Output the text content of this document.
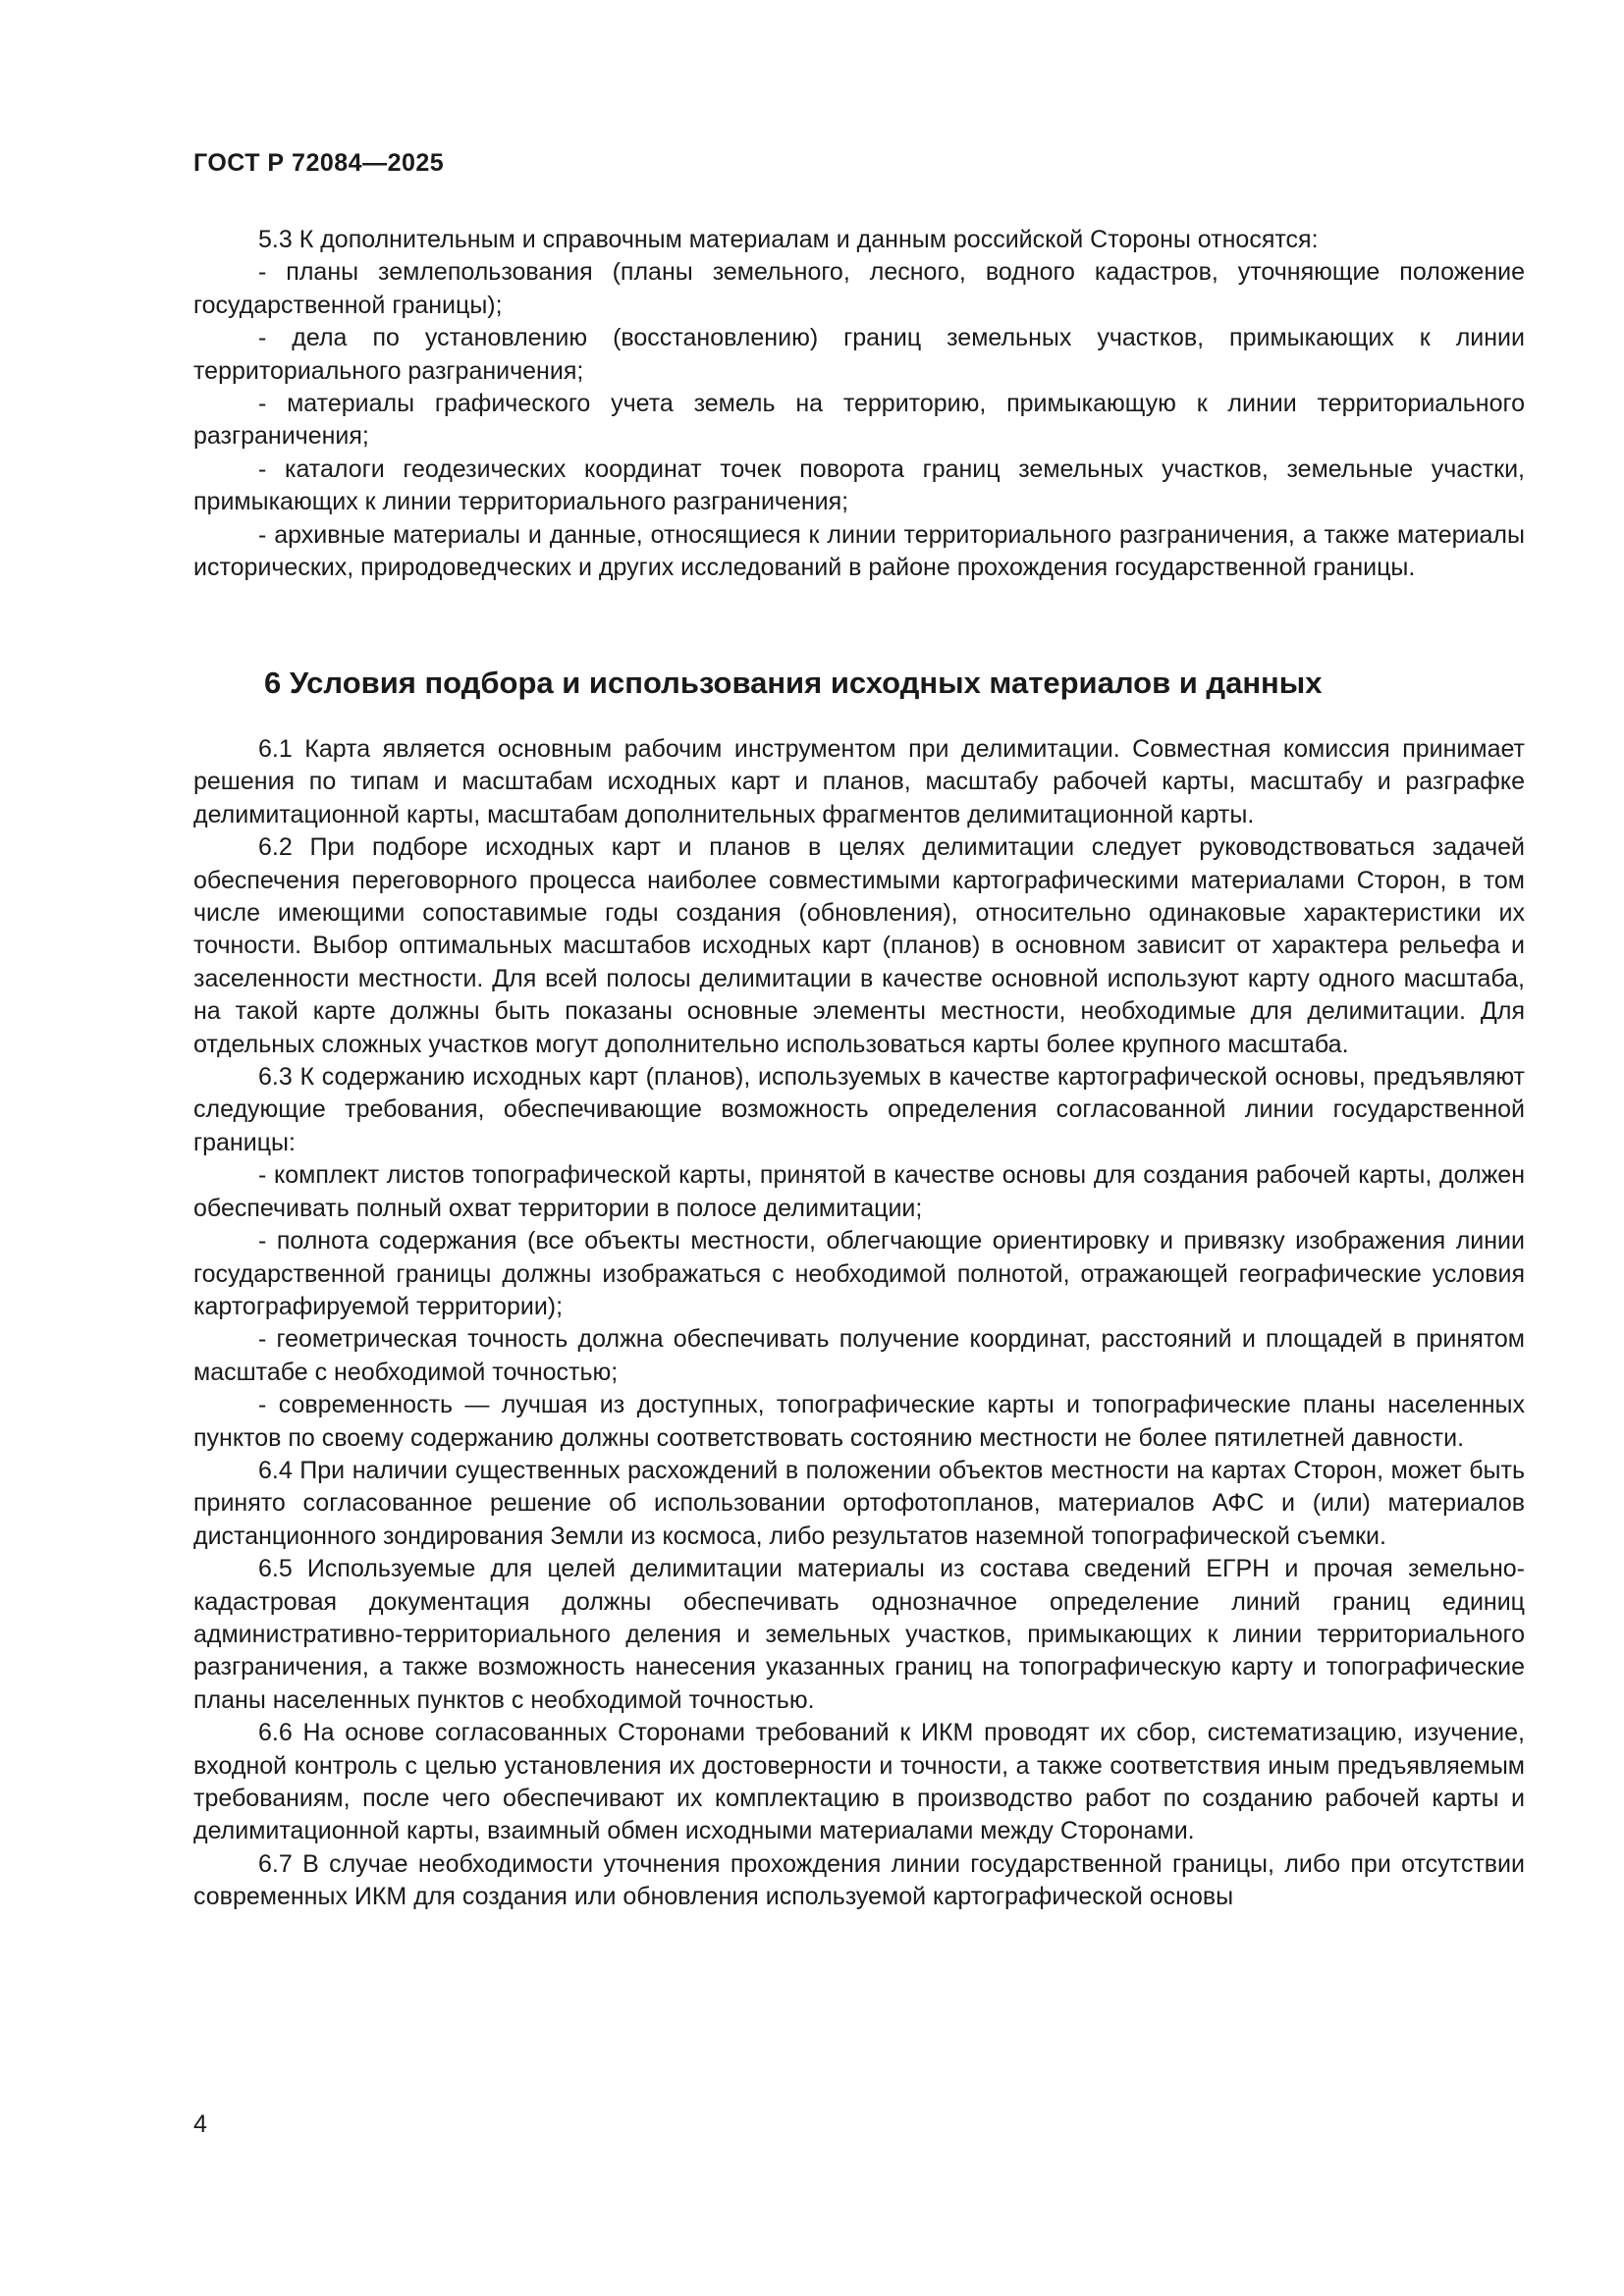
ГОСТ Р 72084—2025

5.3 К дополнительным и справочным материалам и данным российской Стороны относятся:

- планы землепользования (планы земельного, лесного, водного кадастров, уточняющие положение государственной границы);

- дела по установлению (восстановлению) границ земельных участков, примыкающих к линии территориального разграничения;

- материалы графического учета земель на территорию, примыкающую к линии территориального разграничения;

- каталоги геодезических координат точек поворота границ земельных участков, земельные участки, примыкающих к линии территориального разграничения;

- архивные материалы и данные, относящиеся к линии территориального разграничения, а также материалы исторических, природоведческих и других исследований в районе прохождения государственной границы.

6 Условия подбора и использования исходных материалов и данных

6.1 Карта является основным рабочим инструментом при делимитации. Совместная комиссия принимает решения по типам и масштабам исходных карт и планов, масштабу рабочей карты, масштабу и разграфке делимитационной карты, масштабам дополнительных фрагментов делимитационной карты.

6.2 При подборе исходных карт и планов в целях делимитации следует руководствоваться задачей обеспечения переговорного процесса наиболее совместимыми картографическими материалами Сторон, в том числе имеющими сопоставимые годы создания (обновления), относительно одинаковые характеристики их точности. Выбор оптимальных масштабов исходных карт (планов) в основном зависит от характера рельефа и заселенности местности. Для всей полосы делимитации в качестве основной используют карту одного масштаба, на такой карте должны быть показаны основные элементы местности, необходимые для делимитации. Для отдельных сложных участков могут дополнительно использоваться карты более крупного масштаба.

6.3 К содержанию исходных карт (планов), используемых в качестве картографической основы, предъявляют следующие требования, обеспечивающие возможность определения согласованной линии государственной границы:

- комплект листов топографической карты, принятой в качестве основы для создания рабочей карты, должен обеспечивать полный охват территории в полосе делимитации;

- полнота содержания (все объекты местности, облегчающие ориентировку и привязку изображения линии государственной границы должны изображаться с необходимой полнотой, отражающей географические условия картографируемой территории);

- геометрическая точность должна обеспечивать получение координат, расстояний и площадей в принятом масштабе с необходимой точностью;

- современность — лучшая из доступных, топографические карты и топографические планы населенных пунктов по своему содержанию должны соответствовать состоянию местности не более пятилетней давности.

6.4 При наличии существенных расхождений в положении объектов местности на картах Сторон, может быть принято согласованное решение об использовании ортофотопланов, материалов АФС и (или) материалов дистанционного зондирования Земли из космоса, либо результатов наземной топографической съемки.

6.5 Используемые для целей делимитации материалы из состава сведений ЕГРН и прочая земельно-кадастровая документация должны обеспечивать однозначное определение линий границ единиц административно-территориального деления и земельных участков, примыкающих к линии территориального разграничения, а также возможность нанесения указанных границ на топографическую карту и топографические планы населенных пунктов с необходимой точностью.

6.6 На основе согласованных Сторонами требований к ИКМ проводят их сбор, систематизацию, изучение, входной контроль с целью установления их достоверности и точности, а также соответствия иным предъявляемым требованиям, после чего обеспечивают их комплектацию в производство работ по созданию рабочей карты и делимитационной карты, взаимный обмен исходными материалами между Сторонами.

6.7 В случае необходимости уточнения прохождения линии государственной границы, либо при отсутствии современных ИКМ для создания или обновления используемой картографической основы

4
